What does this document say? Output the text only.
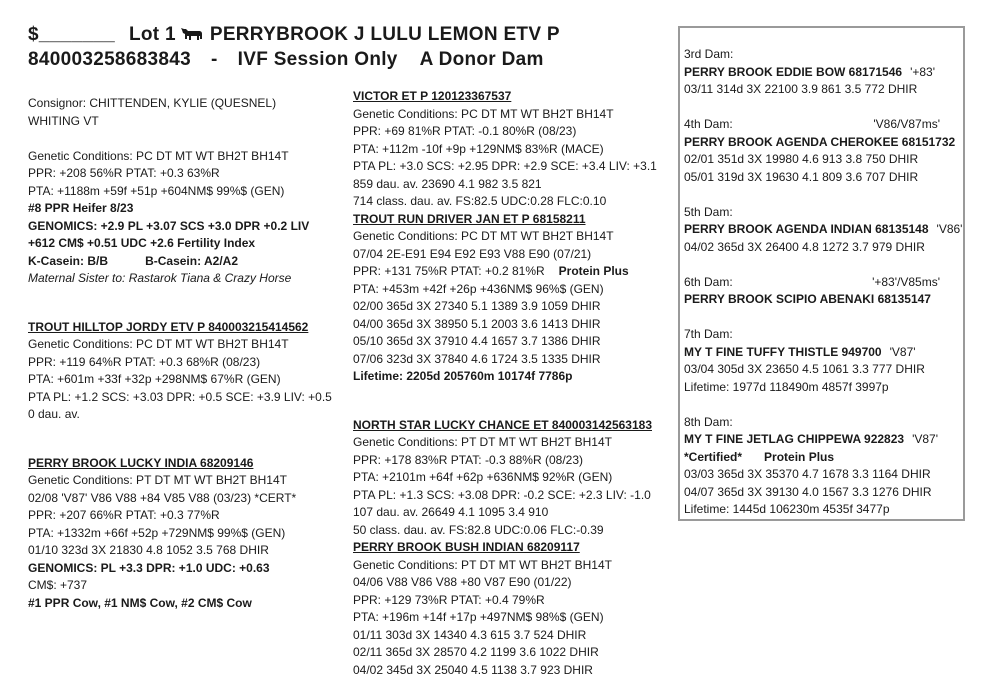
$_______ Lot 1 PERRYBROOK J LULU LEMON ETV P
840003258683843 - IVF Session Only A Donor Dam
Consignor: CHITTENDEN, KYLIE (QUESNEL)
WHITING VT
Genetic Conditions: PC DT MT WT BH2T BH14T
PPR: +208 56%R PTAT: +0.3 63%R
PTA: +1188m +59f +51p +604NM$ 99%$ (GEN)
#8 PPR Heifer 8/23
GENOMICS: +2.9 PL +3.07 SCS +3.0 DPR +0.2 LIV
+612 CM$ +0.51 UDC +2.6 Fertility Index
K-Casein: B/B	B-Casein: A2/A2
Maternal Sister to: Rastarok Tiana & Crazy Horse
TROUT HILLTOP JORDY ETV P 840003215414562
Genetic Conditions: PC DT MT WT BH2T BH14T
PPR: +119 64%R PTAT: +0.3 68%R (08/23)
PTA: +601m +33f +32p +298NM$ 67%R (GEN)
PTA PL: +1.2 SCS: +3.03 DPR: +0.5 SCE: +3.9 LIV: +0.5
0 dau. av.
PERRY BROOK LUCKY INDIA 68209146
Genetic Conditions: PT DT MT WT BH2T BH14T
02/08 'V87' V86 V88 +84 V85 V88 (03/23) *CERT*
PPR: +207 66%R PTAT: +0.3 77%R
PTA: +1332m +66f +52p +729NM$ 99%$ (GEN)
01/10 323d 3X 21830 4.8 1052 3.5 768 DHIR
GENOMICS: PL +3.3 DPR: +1.0 UDC: +0.63
CM$: +737
#1 PPR Cow, #1 NM$ Cow, #2 CM$ Cow
VICTOR ET P 120123367537
Genetic Conditions: PC DT MT WT BH2T BH14T
PPR: +69 81%R PTAT: -0.1 80%R (08/23)
PTA: +112m -10f +9p +129NM$ 83%R (MACE)
PTA PL: +3.0 SCS: +2.95 DPR: +2.9 SCE: +3.4 LIV: +3.1
859 dau. av. 23690 4.1 982 3.5 821
714 class. dau. av. FS:82.5 UDC:0.28 FLC:0.10
TROUT RUN DRIVER JAN ET P 68158211
Genetic Conditions: PC DT MT WT BH2T BH14T
07/04 2E-E91 E94 E92 E93 V88 E90 (07/21)
PPR: +131 75%R PTAT: +0.2 81%R Protein Plus
PTA: +453m +42f +26p +436NM$ 96%$ (GEN)
02/00 365d 3X 27340 5.1 1389 3.9 1059 DHIR
04/00 365d 3X 38950 5.1 2003 3.6 1413 DHIR
05/10 365d 3X 37910 4.4 1657 3.7 1386 DHIR
07/06 323d 3X 37840 4.6 1724 3.5 1335 DHIR
Lifetime: 2205d 205760m 10174f 7786p
NORTH STAR LUCKY CHANCE ET 840003142563183
Genetic Conditions: PT DT MT WT BH2T BH14T
PPR: +178 83%R PTAT: -0.3 88%R (08/23)
PTA: +2101m +64f +62p +636NM$ 92%R (GEN)
PTA PL: +1.3 SCS: +3.08 DPR: -0.2 SCE: +2.3 LIV: -1.0
107 dau. av. 26649 4.1 1095 3.4 910
50 class. dau. av. FS:82.8 UDC:0.06 FLC:-0.39
PERRY BROOK BUSH INDIAN 68209117
Genetic Conditions: PT DT MT WT BH2T BH14T
04/06 V88 V86 V88 +80 V87 E90 (01/22)
PPR: +129 73%R PTAT: +0.4 79%R
PTA: +196m +14f +17p +497NM$ 98%$ (GEN)
01/11 303d 3X 14340 4.3 615 3.7 524 DHIR
02/11 365d 3X 28570 4.2 1199 3.6 1022 DHIR
04/02 345d 3X 25040 4.5 1138 3.7 923 DHIR
3rd Dam:
PERRY BROOK EDDIE BOW 68171546 '+83'
03/11 314d 3X 22100 3.9 861 3.5 772 DHIR
4th Dam:	'V86/V87ms'
PERRY BROOK AGENDA CHEROKEE 68151732
02/01 351d 3X 19980 4.6 913 3.8 750 DHIR
05/01 319d 3X 19630 4.1 809 3.6 707 DHIR
5th Dam:
PERRY BROOK AGENDA INDIAN 68135148 'V86'
04/02 365d 3X 26400 4.8 1272 3.7 979 DHIR
6th Dam:	'+83'/V85ms'
PERRY BROOK SCIPIO ABENAKI 68135147
7th Dam:
MY T FINE TUFFY THISTLE 949700 'V87'
03/04 305d 3X 23650 4.5 1061 3.3 777 DHIR
Lifetime: 1977d 118490m 4857f 3997p
8th Dam:
MY T FINE JETLAG CHIPPEWA 922823 'V87'
*Certified* Protein Plus
03/03 365d 3X 35370 4.7 1678 3.3 1164 DHIR
04/07 365d 3X 39130 4.0 1567 3.3 1276 DHIR
Lifetime: 1445d 106230m 4535f 3477p
